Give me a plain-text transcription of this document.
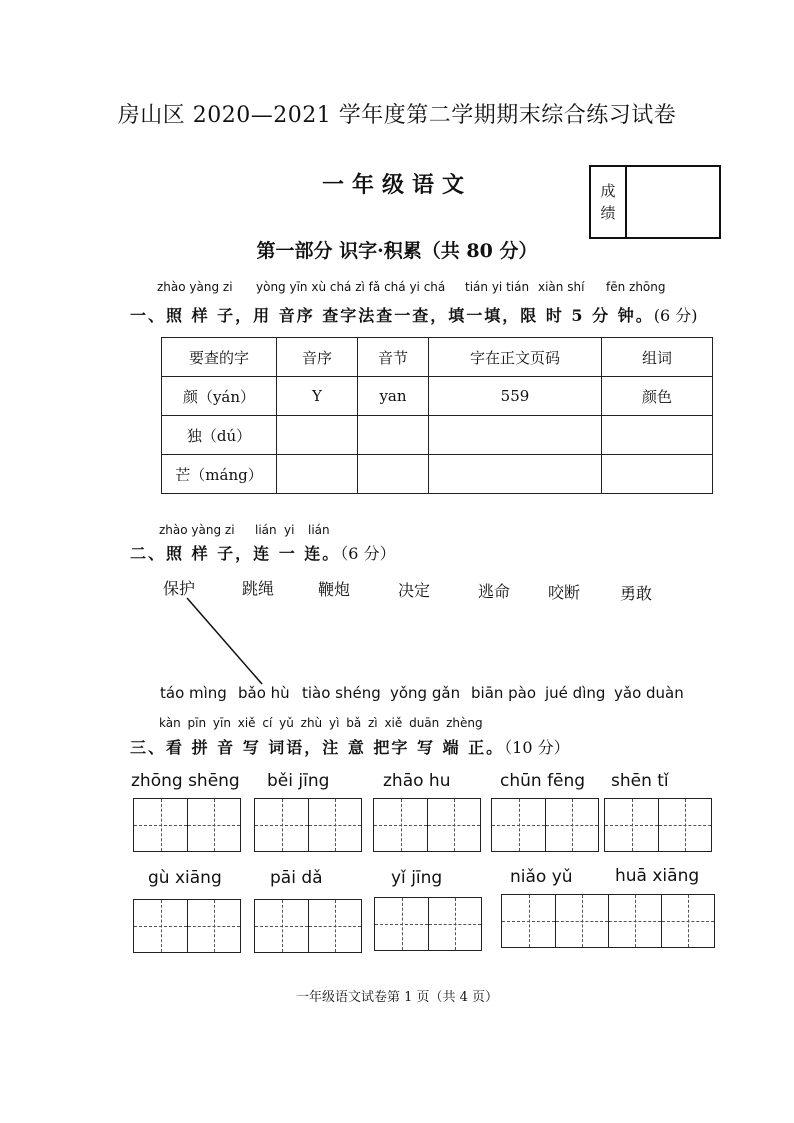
房山区 2020—2021 学年度第二学期期末综合练习试卷
一年级语文	成
绩
第一部分 识字·积累（共 80 分）
zhào yàng zi yòng yīn xù chá zì fǎ chá yi chá tián yi tián xiàn shí fēn zhōng
一、照 样 子，用 音序 查字法查一查，填一填，限 时 5 分 钟。(6 分)
要查的字	音序	音节	字在正文页码	组词
颜（yán）	Y	yan	559	颜色
独（dú）				
芒（máng）				
zhào yàng zi lián yi lián
二、照 样 子，连 一 连。（6 分）
保护	跳绳	鞭炮	决定	逃命 咬断 勇敢
táo mìng bǎo hù tiào shéng yǒng gǎn biān pào jué dìng yǎo duàn
kàn pīn yīn xiě cí yǔ zhù yì bǎ zì xiě duān zhèng
三、看 拼 音 写 词语，注 意 把字 写 端 正。（10 分）
zhōng shēng běi jīng	zhāo hu	chūn fēng shēn tǐ
gù xiāng	pāi dǎ	yǐ jīng	niǎo yǔ huā xiāng
一年级语文试卷第 1 页（共 4 页）
